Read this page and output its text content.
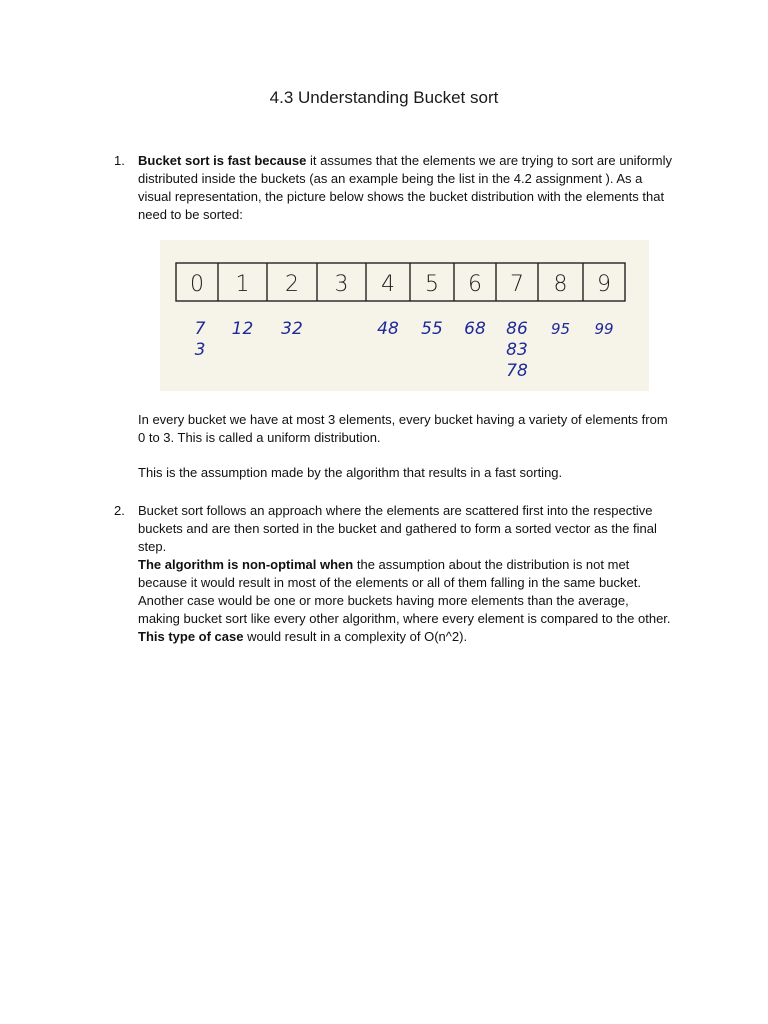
4.3 Understanding Bucket sort
1. Bucket sort is fast because it assumes that the elements we are trying to sort are uniformly distributed inside the buckets (as an example being the list in the 4.2 assignment ). As a visual representation, the picture below shows the bucket distribution with the elements that need to be sorted:
0
7
3
1
12
2
32
3 4
48
5
55
6
68
7
86
83
78
8
95
9
99
In every bucket we have at most 3 elements, every bucket having a variety of elements from 0 to 3. This is called a uniform distribution.
This is the assumption made by the algorithm that results in a fast sorting.
2. Bucket sort follows an approach where the elements are scattered first into the respective buckets and are then sorted in the bucket and gathered to form a sorted vector as the final step.
The algorithm is non-optimal when the assumption about the distribution is not met because it would result in most of the elements or all of them falling in the same bucket. Another case would be one or more buckets having more elements than the average, making bucket sort like every other algorithm, where every element is compared to the other.
This type of case would result in a complexity of O(n^2).
